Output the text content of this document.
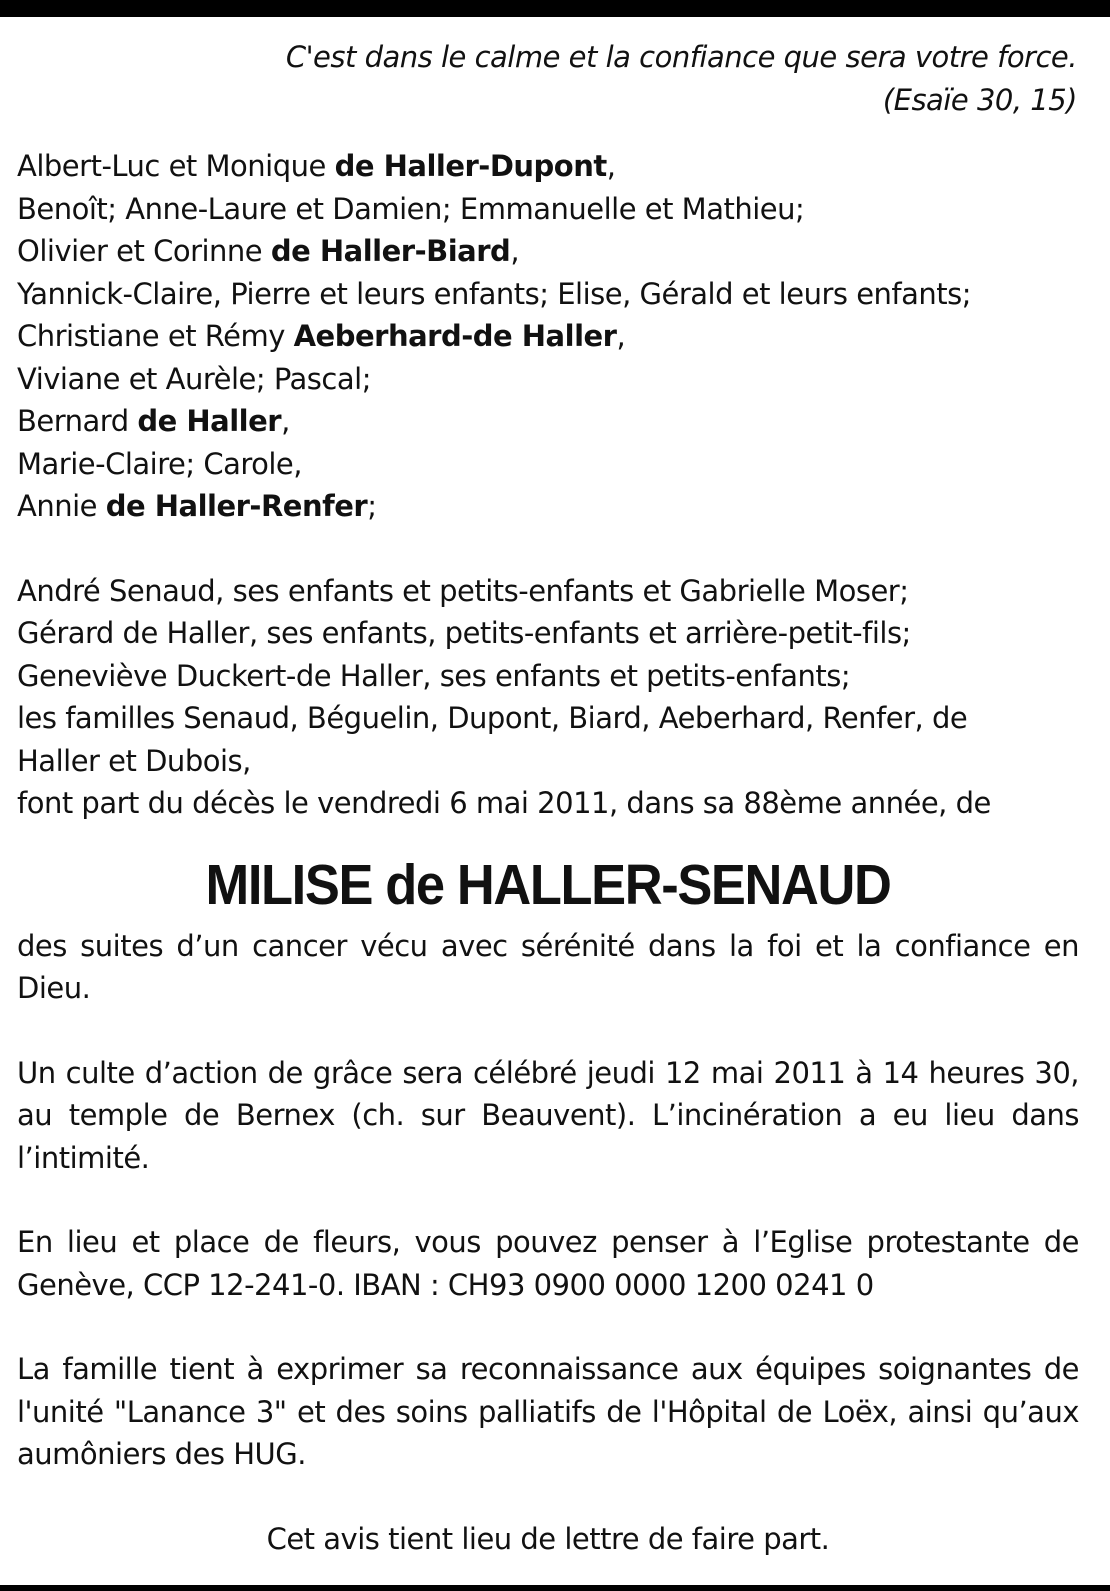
C'est dans le calme et la confiance que sera votre force.
(Esaïe 30, 15)
Albert-Luc et Monique de Haller-Dupont,
Benoît; Anne-Laure et Damien; Emmanuelle et Mathieu;
Olivier et Corinne de Haller-Biard,
Yannick-Claire, Pierre et leurs enfants; Elise, Gérald et leurs enfants;
Christiane et Rémy Aeberhard-de Haller,
Viviane et Aurèle; Pascal;
Bernard de Haller,
Marie-Claire; Carole,
Annie de Haller-Renfer;
André Senaud, ses enfants et petits-enfants et Gabrielle Moser;
Gérard de Haller, ses enfants, petits-enfants et arrière-petit-fils;
Geneviève Duckert-de Haller, ses enfants et petits-enfants;
les familles Senaud, Béguelin, Dupont, Biard, Aeberhard, Renfer, de
Haller et Dubois,
font part du décès le vendredi 6 mai 2011, dans sa 88ème année, de
MILISE de HALLER-SENAUD

des suites d’un cancer vécu avec sérénité dans la foi et la confiance en Dieu.

Un culte d’action de grâce sera célébré jeudi 12 mai 2011 à 14 heures 30, au temple de Bernex (ch. sur Beauvent). L’incinération a eu lieu dans l’intimité.

En lieu et place de fleurs, vous pouvez penser à l’Eglise protestante de Genève, CCP 12-241-0. IBAN : CH93 0900 0000 1200 0241 0

La famille tient à exprimer sa reconnaissance aux équipes soignantes de l'unité "Lanance 3" et des soins palliatifs de l'Hôpital de Loëx, ainsi qu’aux aumôniers des HUG.

Cet avis tient lieu de lettre de faire part.
